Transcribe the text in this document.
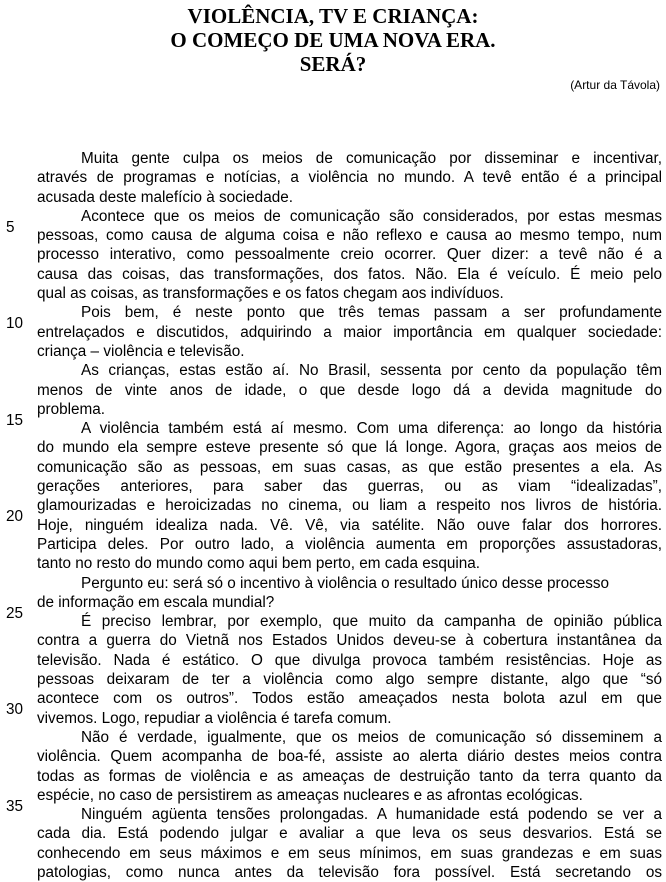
VIOLÊNCIA, TV E CRIANÇA:
O COMEÇO DE UMA NOVA ERA.
SERÁ?
(Artur da Távola)
Muita gente culpa os meios de comunicação por disseminar e incentivar,
através de programas e notícias, a violência no mundo. A tevê então é a principal
acusada deste malefício à sociedade.
Acontece que os meios de comunicação são considerados, por estas mesmas
pessoas, como causa de alguma coisa e não reflexo e causa ao mesmo tempo, num
processo interativo, como pessoalmente creio ocorrer. Quer dizer: a tevê não é a
causa das coisas, das transformações, dos fatos. Não. Ela é veículo. É meio pelo
qual as coisas, as transformações e os fatos chegam aos indivíduos.
Pois bem, é neste ponto que três temas passam a ser profundamente
entrelaçados e discutidos, adquirindo a maior importância em qualquer sociedade:
criança – violência e televisão.
As crianças, estas estão aí. No Brasil, sessenta por cento da população têm
menos de vinte anos de idade, o que desde logo dá a devida magnitude do
problema.
A violência também está aí mesmo. Com uma diferença: ao longo da história
do mundo ela sempre esteve presente só que lá longe. Agora, graças aos meios de
comunicação são as pessoas, em suas casas, as que estão presentes a ela. As
gerações anteriores, para saber das guerras, ou as viam “idealizadas”,
glamourizadas e heroicizadas no cinema, ou liam a respeito nos livros de história.
Hoje, ninguém idealiza nada. Vê. Vê, via satélite. Não ouve falar dos horrores.
Participa deles. Por outro lado, a violência aumenta em proporções assustadoras,
tanto no resto do mundo como aqui bem perto, em cada esquina.
Pergunto eu: será só o incentivo à violência o resultado único desse processo
de informação em escala mundial?
É preciso lembrar, por exemplo, que muito da campanha de opinião pública
contra a guerra do Vietnã nos Estados Unidos deveu-se à cobertura instantânea da
televisão. Nada é estático. O que divulga provoca também resistências. Hoje as
pessoas deixaram de ter a violência como algo sempre distante, algo que “só
acontece com os outros”. Todos estão ameaçados nesta bolota azul em que
vivemos. Logo, repudiar a violência é tarefa comum.
Não é verdade, igualmente, que os meios de comunicação só disseminem a
violência. Quem acompanha de boa-fé, assiste ao alerta diário destes meios contra
todas as formas de violência e as ameaças de destruição tanto da terra quanto da
espécie, no caso de persistirem as ameaças nucleares e as afrontas ecológicas.
Ninguém agüenta tensões prolongadas. A humanidade está podendo se ver a
cada dia. Está podendo julgar e avaliar a que leva os seus desvarios. Está se
conhecendo em seus máximos e em seus mínimos, em suas grandezas e em suas
patologias, como nunca antes da televisão fora possível. Está secretando os
5
10
15
20
25
30
35
